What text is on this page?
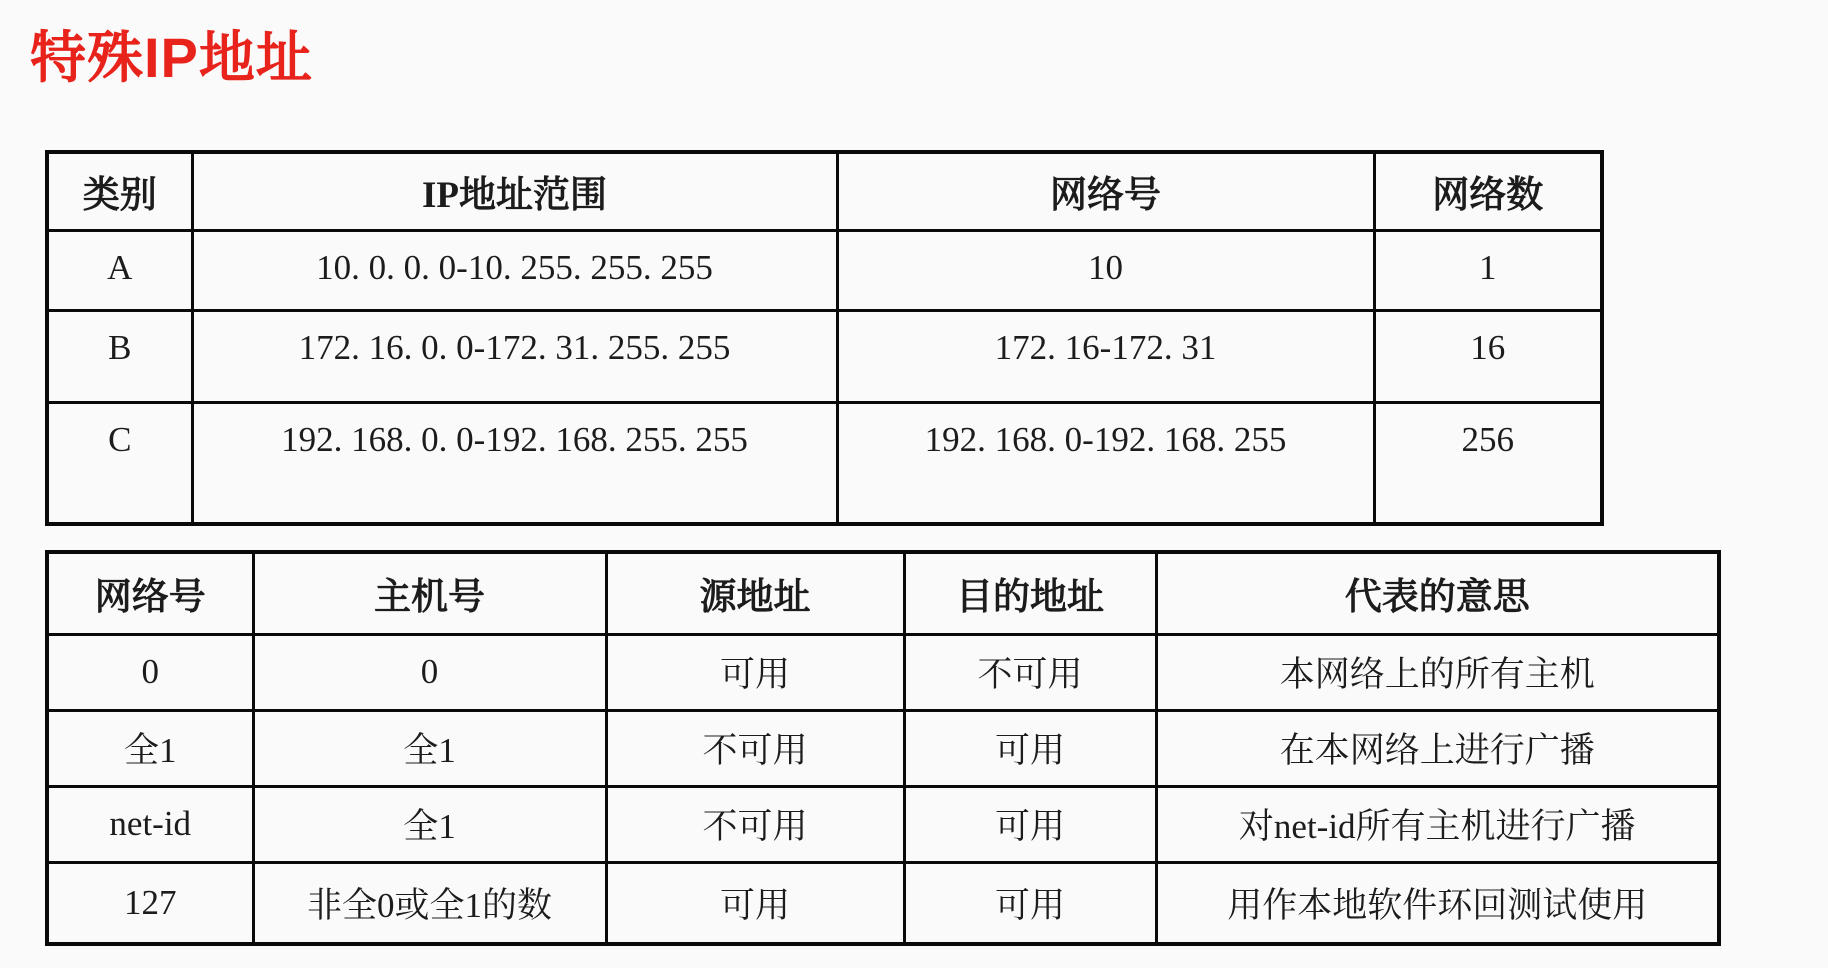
特殊IP地址
类别	IP地址范围	网络号	网络数
A	10. 0. 0. 0-10. 255. 255. 255	10	1
B	172. 16. 0. 0-172. 31. 255. 255	172. 16-172. 31	16
C	192. 168. 0. 0-192. 168. 255. 255	192. 168. 0-192. 168. 255	256
网络号	主机号	源地址	目的地址	代表的意思
0	0	可用	不可用	本网络上的所有主机
全1	全1	不可用	可用	在本网络上进行广播
net-id	全1	不可用	可用	对net-id所有主机进行广播
127	非全0或全1的数	可用	可用	用作本地软件环回测试使用
